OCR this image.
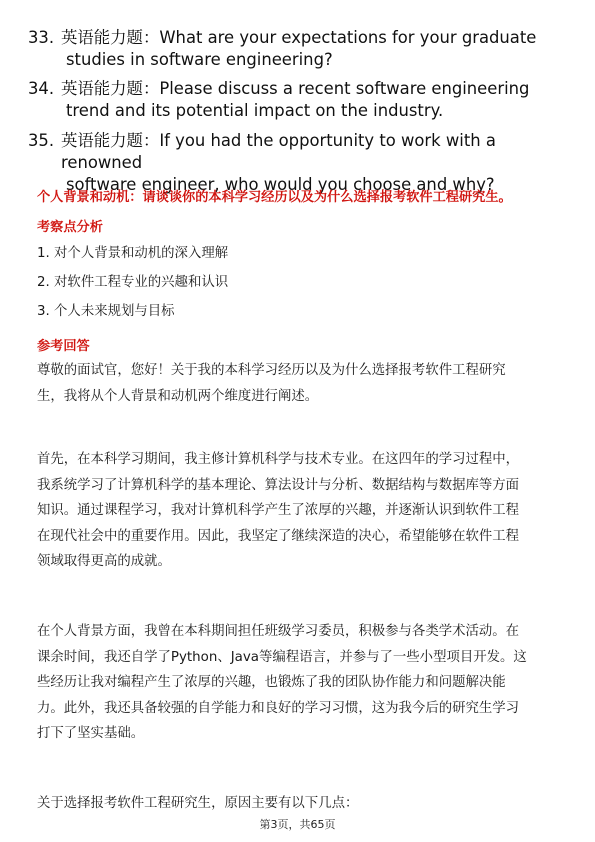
33. 英语能力题：What are your expectations for your graduate
studies in software engineering?
34. 英语能力题：Please discuss a recent software engineering
trend and its potential impact on the industry.
35. 英语能力题：If you had the opportunity to work with a renowned
software engineer, who would you choose and why?
个人背景和动机：请谈谈你的本科学习经历以及为什么选择报考软件工程研究生。
考察点分析
1. 对个人背景和动机的深入理解
2. 对软件工程专业的兴趣和认识
3. 个人未来规划与目标
参考回答
尊敬的面试官，您好！关于我的本科学习经历以及为什么选择报考软件工程研究
生，我将从个人背景和动机两个维度进行阐述。
首先，在本科学习期间，我主修计算机科学与技术专业。在这四年的学习过程中，
我系统学习了计算机科学的基本理论、算法设计与分析、数据结构与数据库等方面
知识。通过课程学习，我对计算机科学产生了浓厚的兴趣，并逐渐认识到软件工程
在现代社会中的重要作用。因此，我坚定了继续深造的决心，希望能够在软件工程
领域取得更高的成就。
在个人背景方面，我曾在本科期间担任班级学习委员，积极参与各类学术活动。在
课余时间，我还自学了Python、Java等编程语言，并参与了一些小型项目开发。这
些经历让我对编程产生了浓厚的兴趣，也锻炼了我的团队协作能力和问题解决能
力。此外，我还具备较强的自学能力和良好的学习习惯，这为我今后的研究生学习
打下了坚实基础。
关于选择报考软件工程研究生，原因主要有以下几点：
第3页，共65页
